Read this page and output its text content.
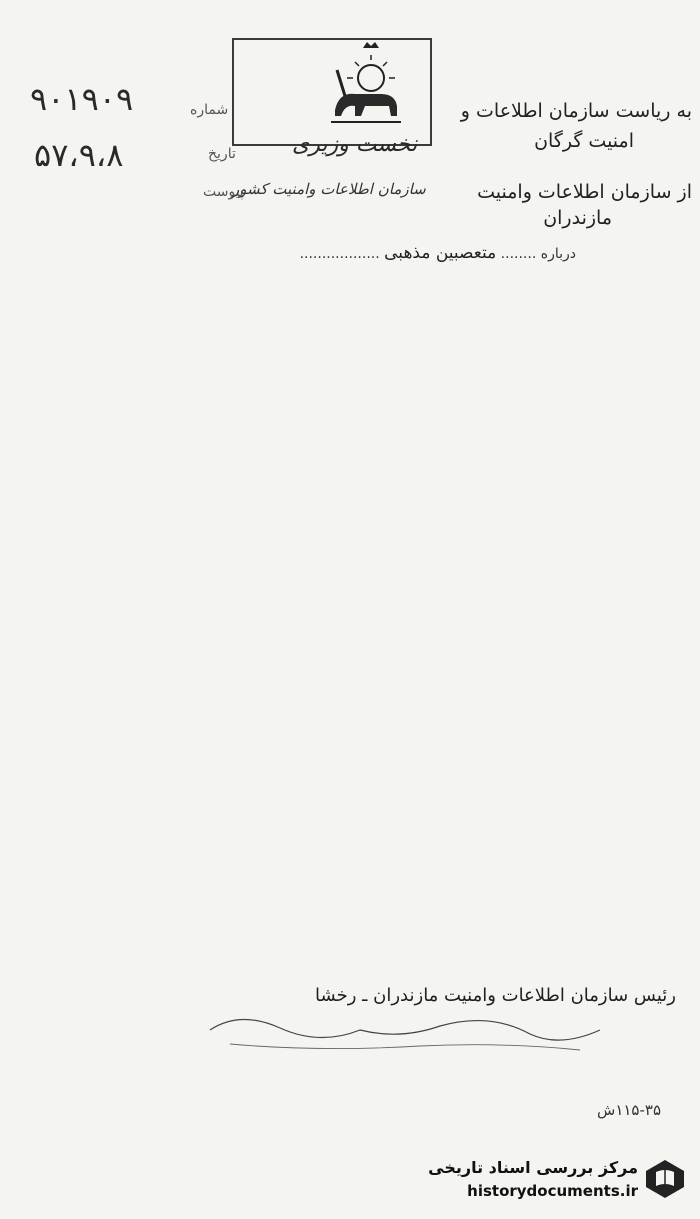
به ریاست سازمان اطلاعات و
امنیت گرگان
از سازمان اطلاعات وامنیت
مازندران
شماره
تاریخ
پیوست
۹۰۱۹۰۹
۵۷،۹،۸	نخست وزیری
سازمان اطلاعات وامنیت کشور
درباره ........ متعصبین مذهبی ..................
رئیس سازمان اطلاعات وامنیت مازندران ـ رخشا
۱۱۵-۳۵ش
مرکز بررسی اسناد تاریخی
historydocuments.ir
